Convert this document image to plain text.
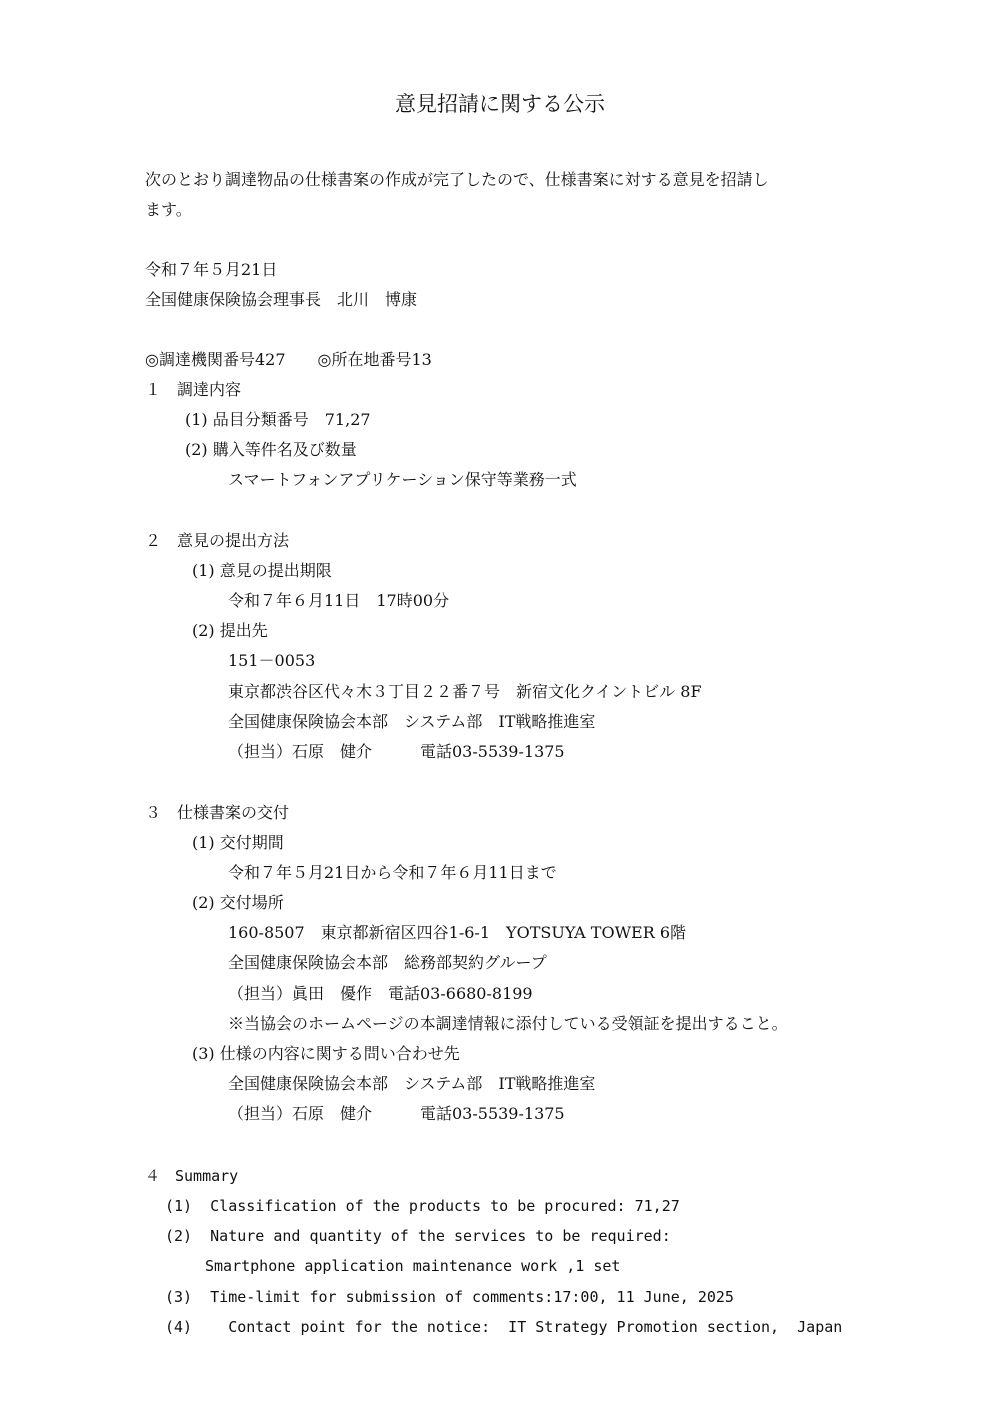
意見招請に関する公示
次のとおり調達物品の仕様書案の作成が完了したので、仕様書案に対する意見を招請し
ます。
令和７年５月21日
全国健康保険協会理事長　北川　博康
◎調達機関番号427　　◎所在地番号13
１　調達内容
(1) 品目分類番号　71,27
(2) 購入等件名及び数量
スマートフォンアプリケーション保守等業務一式
２　意見の提出方法
(1) 意見の提出期限
令和７年６月11日　17時00分
(2) 提出先
151－0053
東京都渋谷区代々木３丁目２２番７号　新宿文化クイントビル 8F
全国健康保険協会本部　システム部　IT戦略推進室
（担当）石原　健介　　　電話03-5539-1375
３　仕様書案の交付
(1) 交付期間
令和７年５月21日から令和７年６月11日まで
(2) 交付場所
160-8507　東京都新宿区四谷1-6-1　YOTSUYA TOWER 6階
全国健康保険協会本部　総務部契約グループ
（担当）眞田　優作　電話03-6680-8199
※当協会のホームページの本調達情報に添付している受領証を提出すること。
(3) 仕様の内容に関する問い合わせ先
全国健康保険協会本部　システム部　IT戦略推進室
（担当）石原　健介　　　電話03-5539-1375
４　Summary
(1)  Classification of the products to be procured: 71,27
(2)  Nature and quantity of the services to be required:
Smartphone application maintenance work ,1 set
(3)  Time-limit for submission of comments:17:00, 11 June, 2025
(4)    Contact point for the notice:  IT Strategy Promotion section,  Japan
